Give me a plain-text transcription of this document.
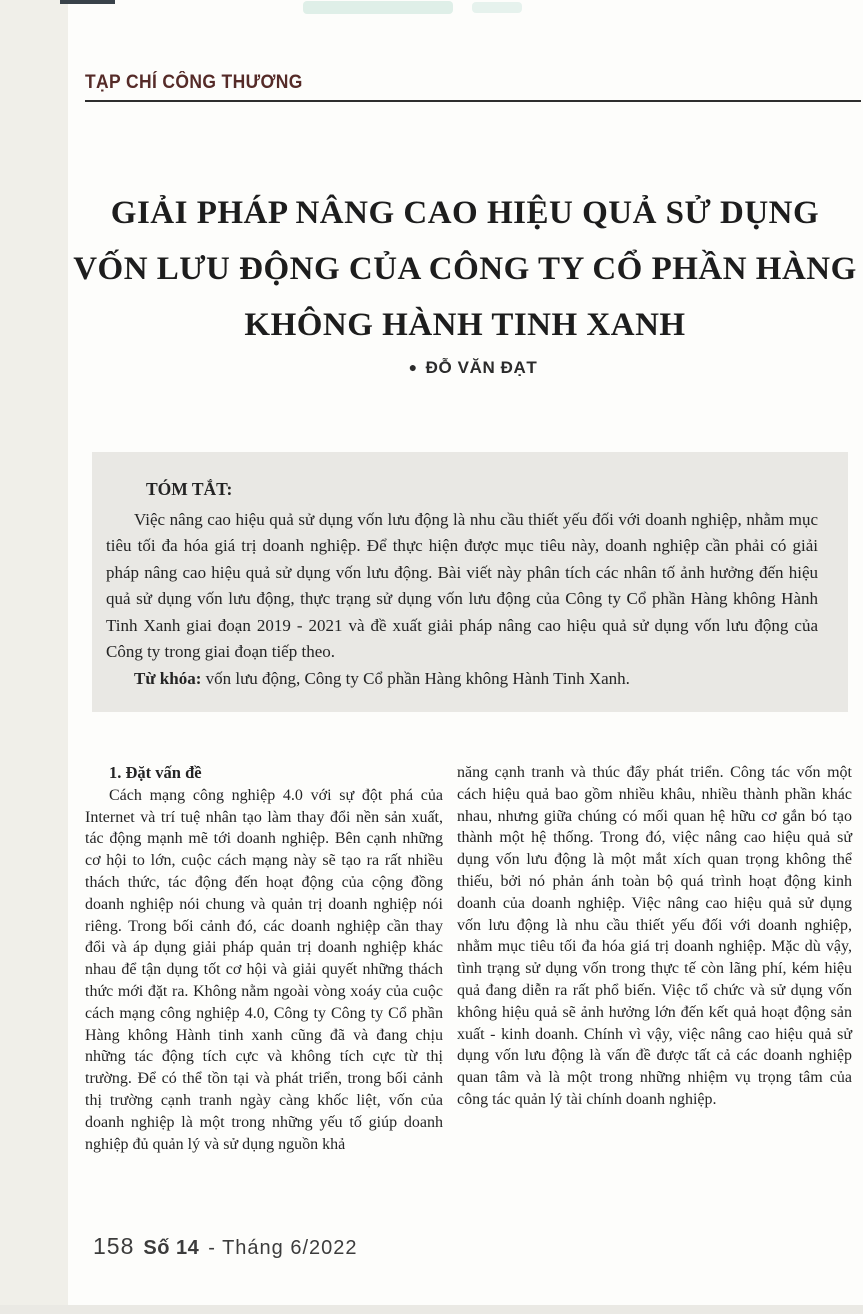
TẠP CHÍ CÔNG THƯƠNG
GIẢI PHÁP NÂNG CAO HIỆU QUẢ SỬ DỤNG VỐN LƯU ĐỘNG CỦA CÔNG TY CỔ PHẦN HÀNG KHÔNG HÀNH TINH XANH
● ĐỖ VĂN ĐẠT
TÓM TẮT:

Việc nâng cao hiệu quả sử dụng vốn lưu động là nhu cầu thiết yếu đối với doanh nghiệp, nhằm mục tiêu tối đa hóa giá trị doanh nghiệp. Để thực hiện được mục tiêu này, doanh nghiệp cần phải có giải pháp nâng cao hiệu quả sử dụng vốn lưu động. Bài viết này phân tích các nhân tố ảnh hưởng đến hiệu quả sử dụng vốn lưu động, thực trạng sử dụng vốn lưu động của Công ty Cổ phần Hàng không Hành Tinh Xanh giai đoạn 2019 - 2021 và đề xuất giải pháp nâng cao hiệu quả sử dụng vốn lưu động của Công ty trong giai đoạn tiếp theo.

Từ khóa: vốn lưu động, Công ty Cổ phần Hàng không Hành Tinh Xanh.

1. Đặt vấn đề

Cách mạng công nghiệp 4.0 với sự đột phá của Internet và trí tuệ nhân tạo làm thay đổi nền sản xuất, tác động mạnh mẽ tới doanh nghiệp. Bên cạnh những cơ hội to lớn, cuộc cách mạng này sẽ tạo ra rất nhiều thách thức, tác động đến hoạt động của cộng đồng doanh nghiệp nói chung và quản trị doanh nghiệp nói riêng. Trong bối cảnh đó, các doanh nghiệp cần thay đổi và áp dụng giải pháp quản trị doanh nghiệp khác nhau để tận dụng tốt cơ hội và giải quyết những thách thức mới đặt ra. Không nằm ngoài vòng xoáy của cuộc cách mạng công nghiệp 4.0, Công ty Công ty Cổ phần Hàng không Hành tinh xanh cũng đã và đang chịu những tác động tích cực và không tích cực từ thị trường. Để có thể tồn tại và phát triển, trong bối cảnh thị trường cạnh tranh ngày càng khốc liệt, vốn của doanh nghiệp là một trong những yếu tố giúp doanh nghiệp đủ quản lý và sử dụng nguồn khả

năng cạnh tranh và thúc đẩy phát triển. Công tác vốn một cách hiệu quả bao gồm nhiều khâu, nhiều thành phần khác nhau, nhưng giữa chúng có mối quan hệ hữu cơ gắn bó tạo thành một hệ thống. Trong đó, việc nâng cao hiệu quả sử dụng vốn lưu động là một mắt xích quan trọng không thể thiếu, bởi nó phản ánh toàn bộ quá trình hoạt động kinh doanh của doanh nghiệp. Việc nâng cao hiệu quả sử dụng vốn lưu động là nhu cầu thiết yếu đối với doanh nghiệp, nhằm mục tiêu tối đa hóa giá trị doanh nghiệp. Mặc dù vậy, tình trạng sử dụng vốn trong thực tế còn lãng phí, kém hiệu quả đang diễn ra rất phổ biến. Việc tổ chức và sử dụng vốn không hiệu quả sẽ ảnh hưởng lớn đến kết quả hoạt động sản xuất - kinh doanh. Chính vì vậy, việc nâng cao hiệu quả sử dụng vốn lưu động là vấn đề được tất cả các doanh nghiệp quan tâm và là một trong những nhiệm vụ trọng tâm của công tác quản lý tài chính doanh nghiệp.

158 Số 14 - Tháng 6/2022
